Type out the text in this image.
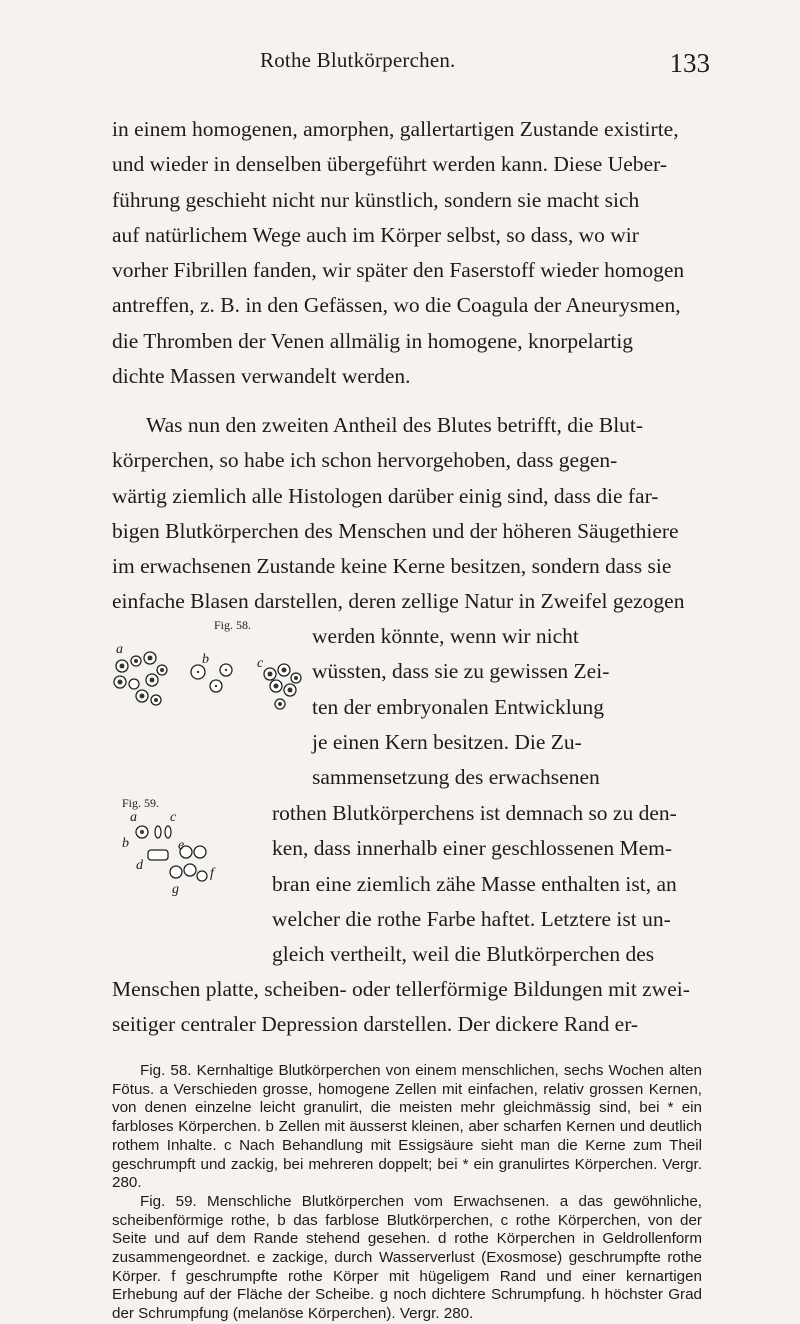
Rothe Blutkörperchen.	133

in einem homogenen, amorphen, gallertartigen Zustande existirte,

und wieder in denselben übergeführt werden kann. Diese Ueber-

führung geschieht nicht nur künstlich, sondern sie macht sich

auf natürlichem Wege auch im Körper selbst, so dass, wo wir

vorher Fibrillen fanden, wir später den Faserstoff wieder homogen

antreffen, z. B. in den Gefässen, wo die Coagula der Aneurysmen,

die Thromben der Venen allmälig in homogene, knorpelartig

dichte Massen verwandelt werden.

Was nun den zweiten Antheil des Blutes betrifft, die Blut-

körperchen, so habe ich schon hervorgehoben, dass gegen-

wärtig ziemlich alle Histologen darüber einig sind, dass die far-

bigen Blutkörperchen des Menschen und der höheren Säugethiere

im erwachsenen Zustande keine Kerne besitzen, sondern dass sie

einfache Blasen darstellen, deren zellige Natur in Zweifel gezogen

Fig. 58.
a
b	c

werden könnte, wenn wir nicht

wüssten, dass sie zu gewissen Zei-

ten der embryonalen Entwicklung

je einen Kern besitzen. Die Zu-

sammensetzung des erwachsenen

Fig. 59.
a c
b
d
e
f
g

rothen Blutkörperchens ist demnach so zu den-

ken, dass innerhalb einer geschlossenen Mem-

bran eine ziemlich zähe Masse enthalten ist, an

welcher die rothe Farbe haftet. Letztere ist un-

gleich vertheilt, weil die Blutkörperchen des

Menschen platte, scheiben- oder tellerförmige Bildungen mit zwei-

seitiger centraler Depression darstellen. Der dickere Rand er-

Fig. 58. Kernhaltige Blutkörperchen von einem menschlichen, sechs Wochen alten Fötus. a Verschieden grosse, homogene Zellen mit einfachen, relativ grossen Kernen, von denen einzelne leicht granulirt, die meisten mehr gleichmässig sind, bei * ein farbloses Körperchen. b Zellen mit äusserst kleinen, aber scharfen Kernen und deutlich rothem Inhalte. c Nach Behandlung mit Essigsäure sieht man die Kerne zum Theil geschrumpft und zackig, bei mehreren doppelt; bei * ein granulirtes Körperchen. Vergr. 280.

Fig. 59. Menschliche Blutkörperchen vom Erwachsenen. a das gewöhnliche, scheibenförmige rothe, b das farblose Blutkörperchen, c rothe Körperchen, von der Seite und auf dem Rande stehend gesehen. d rothe Körperchen in Geldrollenform zusammengeordnet. e zackige, durch Wasserverlust (Exosmose) geschrumpfte rothe Körper. f geschrumpfte rothe Körper mit hügeligem Rand und einer kernartigen Erhebung auf der Fläche der Scheibe. g noch dichtere Schrumpfung. h höchster Grad der Schrumpfung (melanöse Körperchen). Vergr. 280.
